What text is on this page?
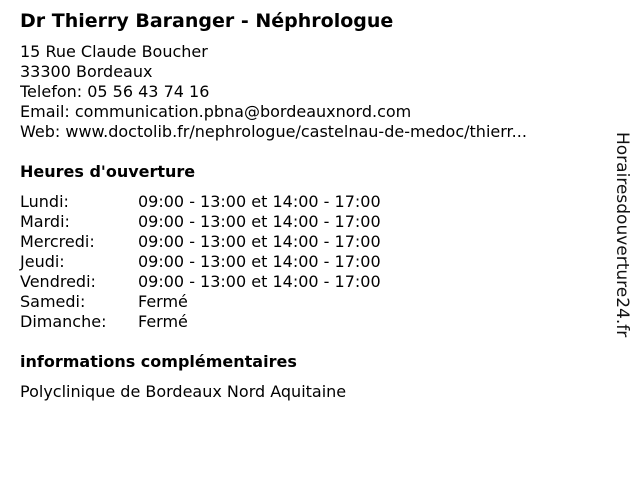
Dr Thierry Baranger - Néphrologue
15 Rue Claude Boucher
33300 Bordeaux
Telefon: 05 56 43 74 16
Email: communication.pbna@bordeauxnord.com
Web: www.doctolib.fr/nephrologue/castelnau-de-medoc/thierr...
Heures d'ouverture
Lundi:	09:00 - 13:00 et 14:00 - 17:00
Mardi:	09:00 - 13:00 et 14:00 - 17:00
Mercredi:	09:00 - 13:00 et 14:00 - 17:00
Jeudi:	09:00 - 13:00 et 14:00 - 17:00
Vendredi:	09:00 - 13:00 et 14:00 - 17:00
Samedi:	Fermé
Dimanche:	Fermé
informations complémentaires
Polyclinique de Bordeaux Nord Aquitaine
Horairesdouverture24.fr
